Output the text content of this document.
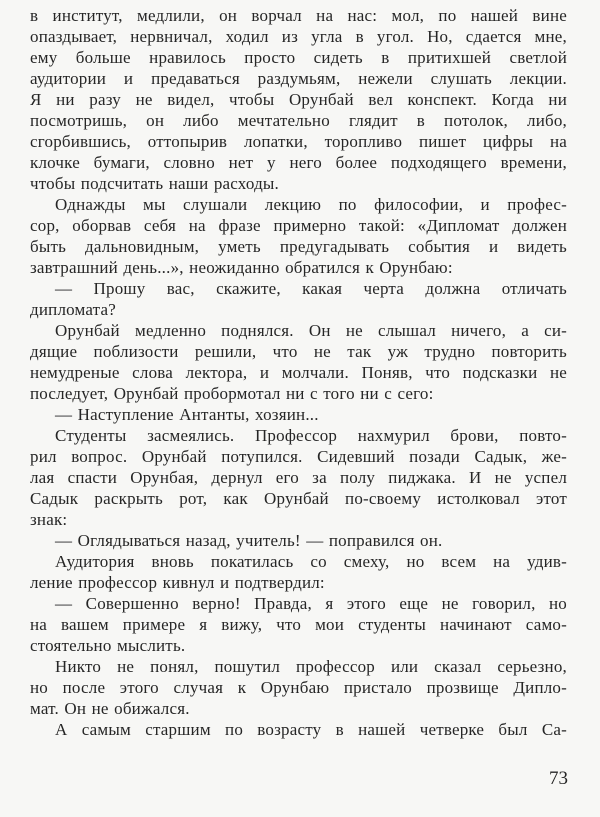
в институт, медлили, он ворчал на нас: мол, по нашей вине
опаздывает, нервничал, ходил из угла в угол. Но, сдается мне,
ему больше нравилось просто сидеть в притихшей светлой
аудитории и предаваться раздумьям, нежели слушать лекции.
Я ни разу не видел, чтобы Орунбай вел конспект. Когда ни
посмотришь, он либо мечтательно глядит в потолок, либо,
сгорбившись, оттопырив лопатки, торопливо пишет цифры на
клочке бумаги, словно нет у него более подходящего времени,
чтобы подсчитать наши расходы.
Однажды мы слушали лекцию по философии, и профес-
сор, оборвав себя на фразе примерно такой: «Дипломат должен
быть дальновидным, уметь предугадывать события и видеть
завтрашний день...», неожиданно обратился к Орунбаю:
— Прошу вас, скажите, какая черта должна отличать
дипломата?
Орунбай медленно поднялся. Он не слышал ничего, а си-
дящие поблизости решили, что не так уж трудно повторить
немудреные слова лектора, и молчали. Поняв, что подсказки не
последует, Орунбай пробормотал ни с того ни с сего:
— Наступление Антанты, хозяин...
Студенты засмеялись. Профессор нахмурил брови, повто-
рил вопрос. Орунбай потупился. Сидевший позади Садык, же-
лая спасти Орунбая, дернул его за полу пиджака. И не успел
Садык раскрыть рот, как Орунбай по-своему истолковал этот
знак:
— Оглядываться назад, учитель! — поправился он.
Аудитория вновь покатилась со смеху, но всем на удив-
ление профессор кивнул и подтвердил:
— Совершенно верно! Правда, я этого еще не говорил, но
на вашем примере я вижу, что мои студенты начинают само-
стоятельно мыслить.
Никто не понял, пошутил профессор или сказал серьезно,
но после этого случая к Орунбаю пристало прозвище Дипло-
мат. Он не обижался.
А самым старшим по возрасту в нашей четверке был Са-
73
